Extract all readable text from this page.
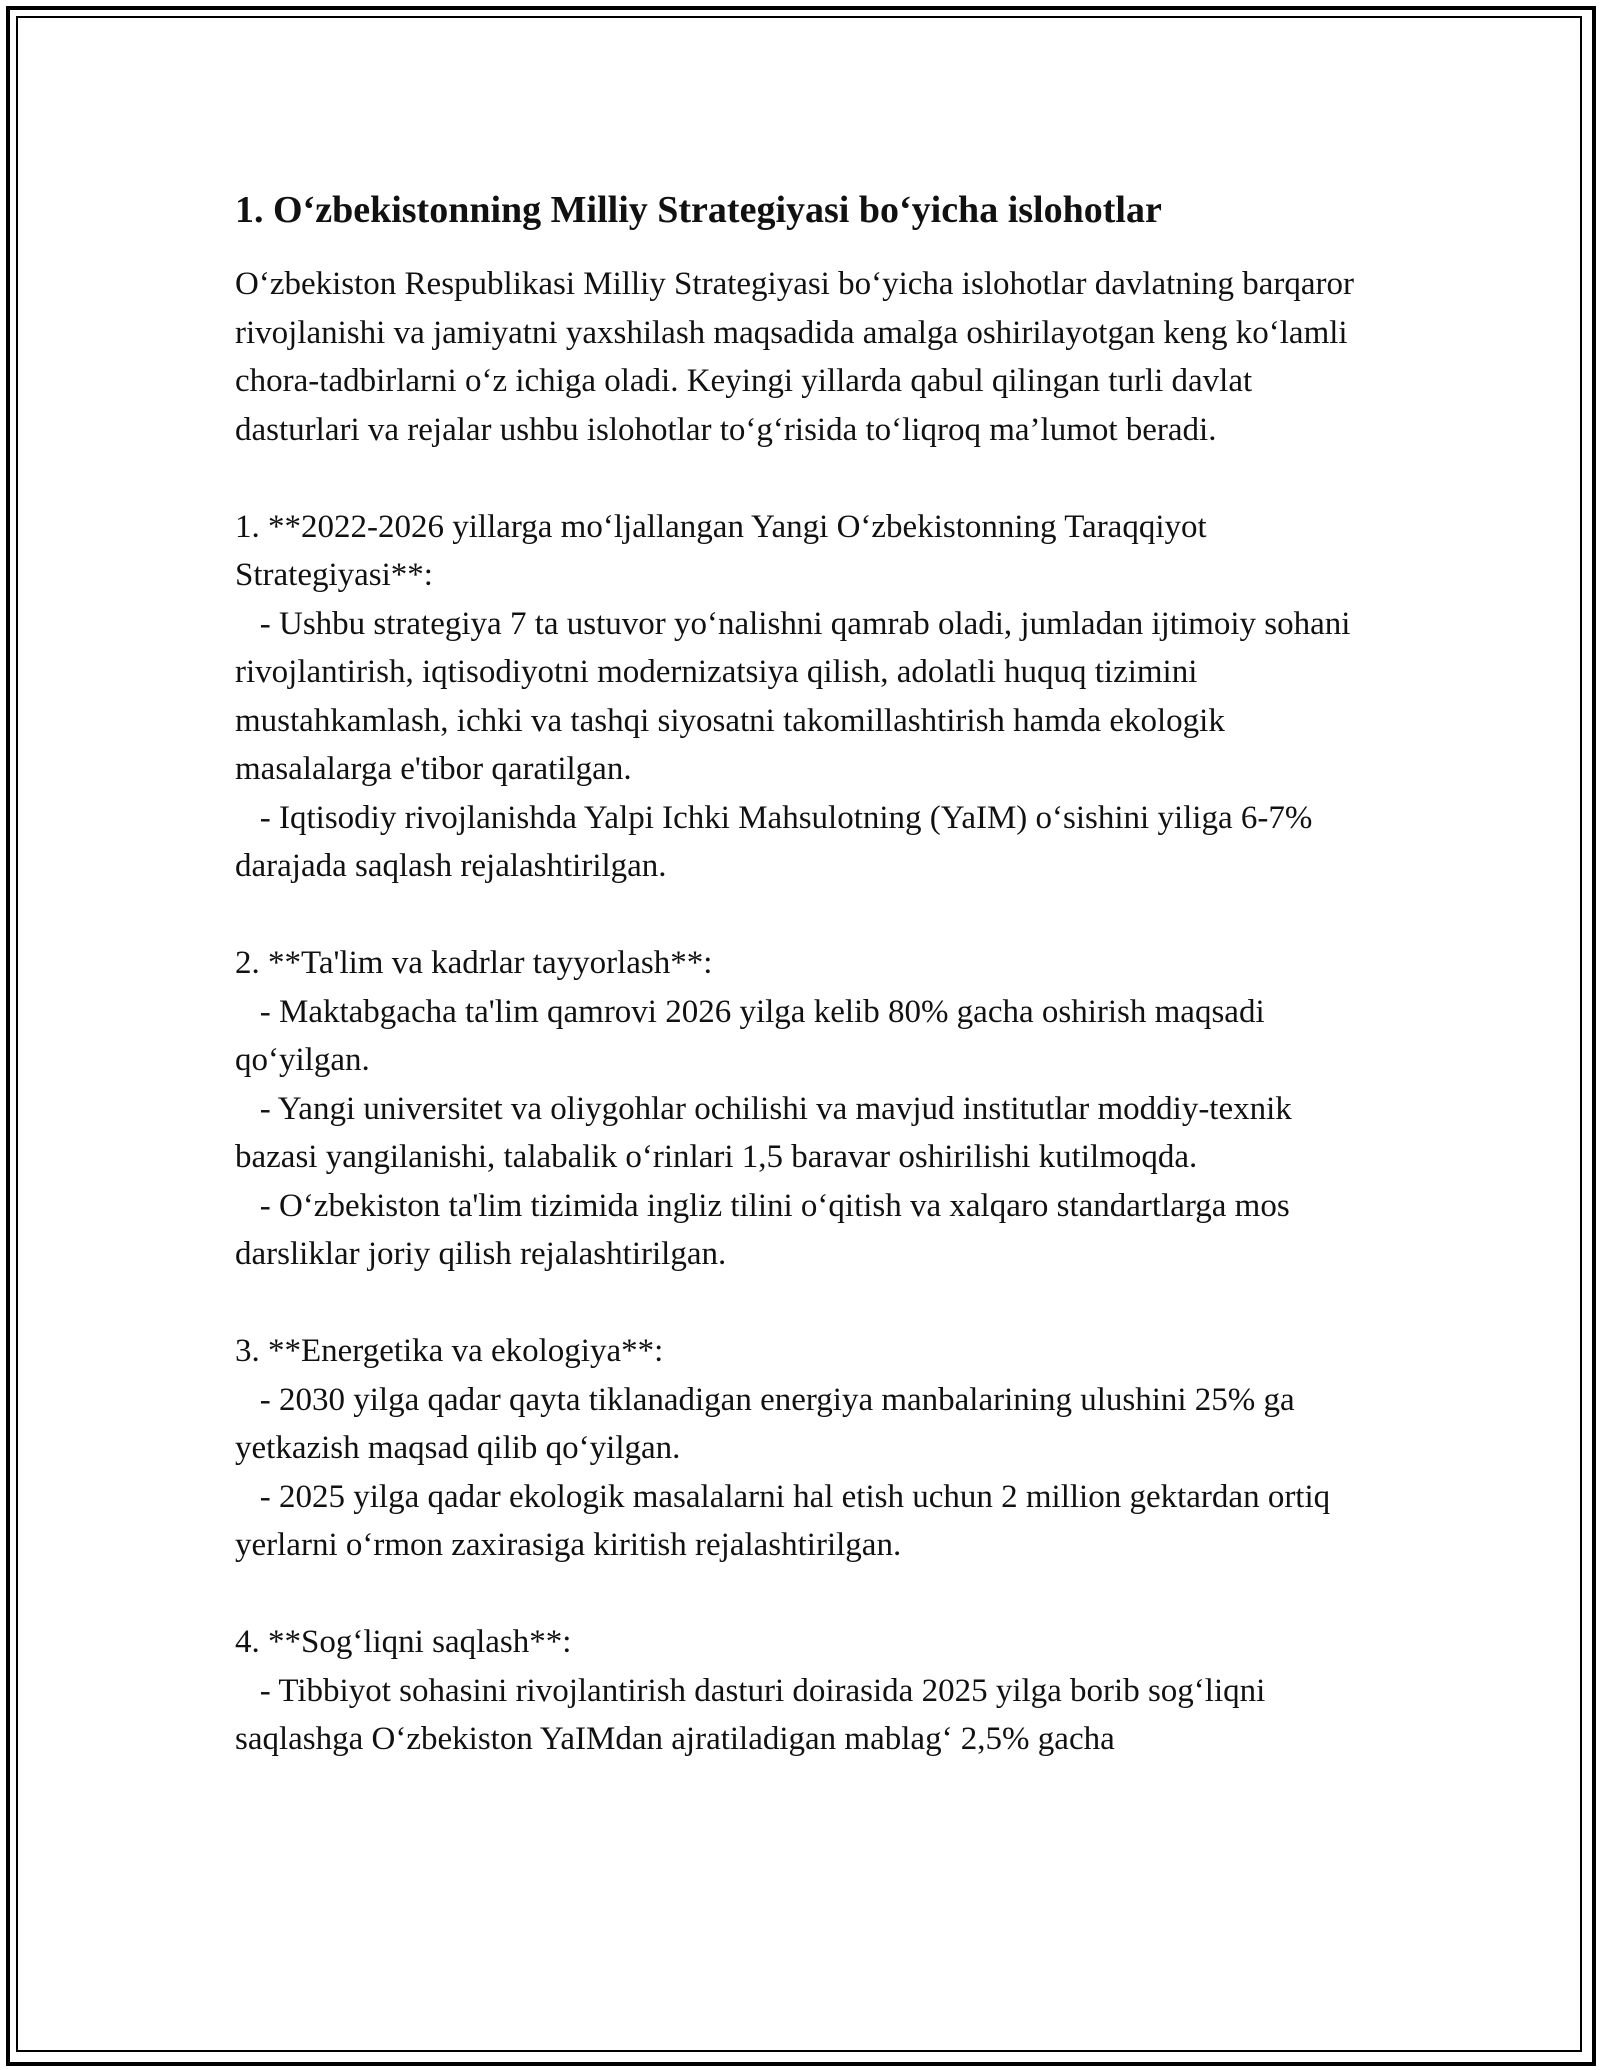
1. O‘zbekistonning Milliy Strategiyasi bo‘yicha islohotlar

O‘zbekiston Respublikasi Milliy Strategiyasi bo‘yicha islohotlar davlatning barqaror rivojlanishi va jamiyatni yaxshilash maqsadida amalga oshirilayotgan keng ko‘lamli chora-tadbirlarni o‘z ichiga oladi. Keyingi yillarda qabul qilingan turli davlat dasturlari va rejalar ushbu islohotlar to‘g‘risida to‘liqroq ma’lumot beradi.

1. **2022-2026 yillarga mo‘ljallangan Yangi O‘zbekistonning Taraqqiyot Strategiyasi**:

- Ushbu strategiya 7 ta ustuvor yo‘nalishni qamrab oladi, jumladan ijtimoiy sohani rivojlantirish, iqtisodiyotni modernizatsiya qilish, adolatli huquq tizimini mustahkamlash, ichki va tashqi siyosatni takomillashtirish hamda ekologik masalalarga e'tibor qaratilgan.

- Iqtisodiy rivojlanishda Yalpi Ichki Mahsulotning (YaIM) o‘sishini yiliga 6-7% darajada saqlash rejalashtirilgan.

2. **Ta'lim va kadrlar tayyorlash**:

- Maktabgacha ta'lim qamrovi 2026 yilga kelib 80% gacha oshirish maqsadi qo‘yilgan.

- Yangi universitet va oliygohlar ochilishi va mavjud institutlar moddiy-texnik bazasi yangilanishi, talabalik o‘rinlari 1,5 baravar oshirilishi kutilmoqda.

- O‘zbekiston ta'lim tizimida ingliz tilini o‘qitish va xalqaro standartlarga mos darsliklar joriy qilish rejalashtirilgan.

3. **Energetika va ekologiya**:

- 2030 yilga qadar qayta tiklanadigan energiya manbalarining ulushini 25% ga yetkazish maqsad qilib qo‘yilgan.

- 2025 yilga qadar ekologik masalalarni hal etish uchun 2 million gektardan ortiq yerlarni o‘rmon zaxirasiga kiritish rejalashtirilgan.

4. **Sog‘liqni saqlash**:

- Tibbiyot sohasini rivojlantirish dasturi doirasida 2025 yilga borib sog‘liqni saqlashga O‘zbekiston YaIMdan ajratiladigan mablag‘ 2,5% gacha
